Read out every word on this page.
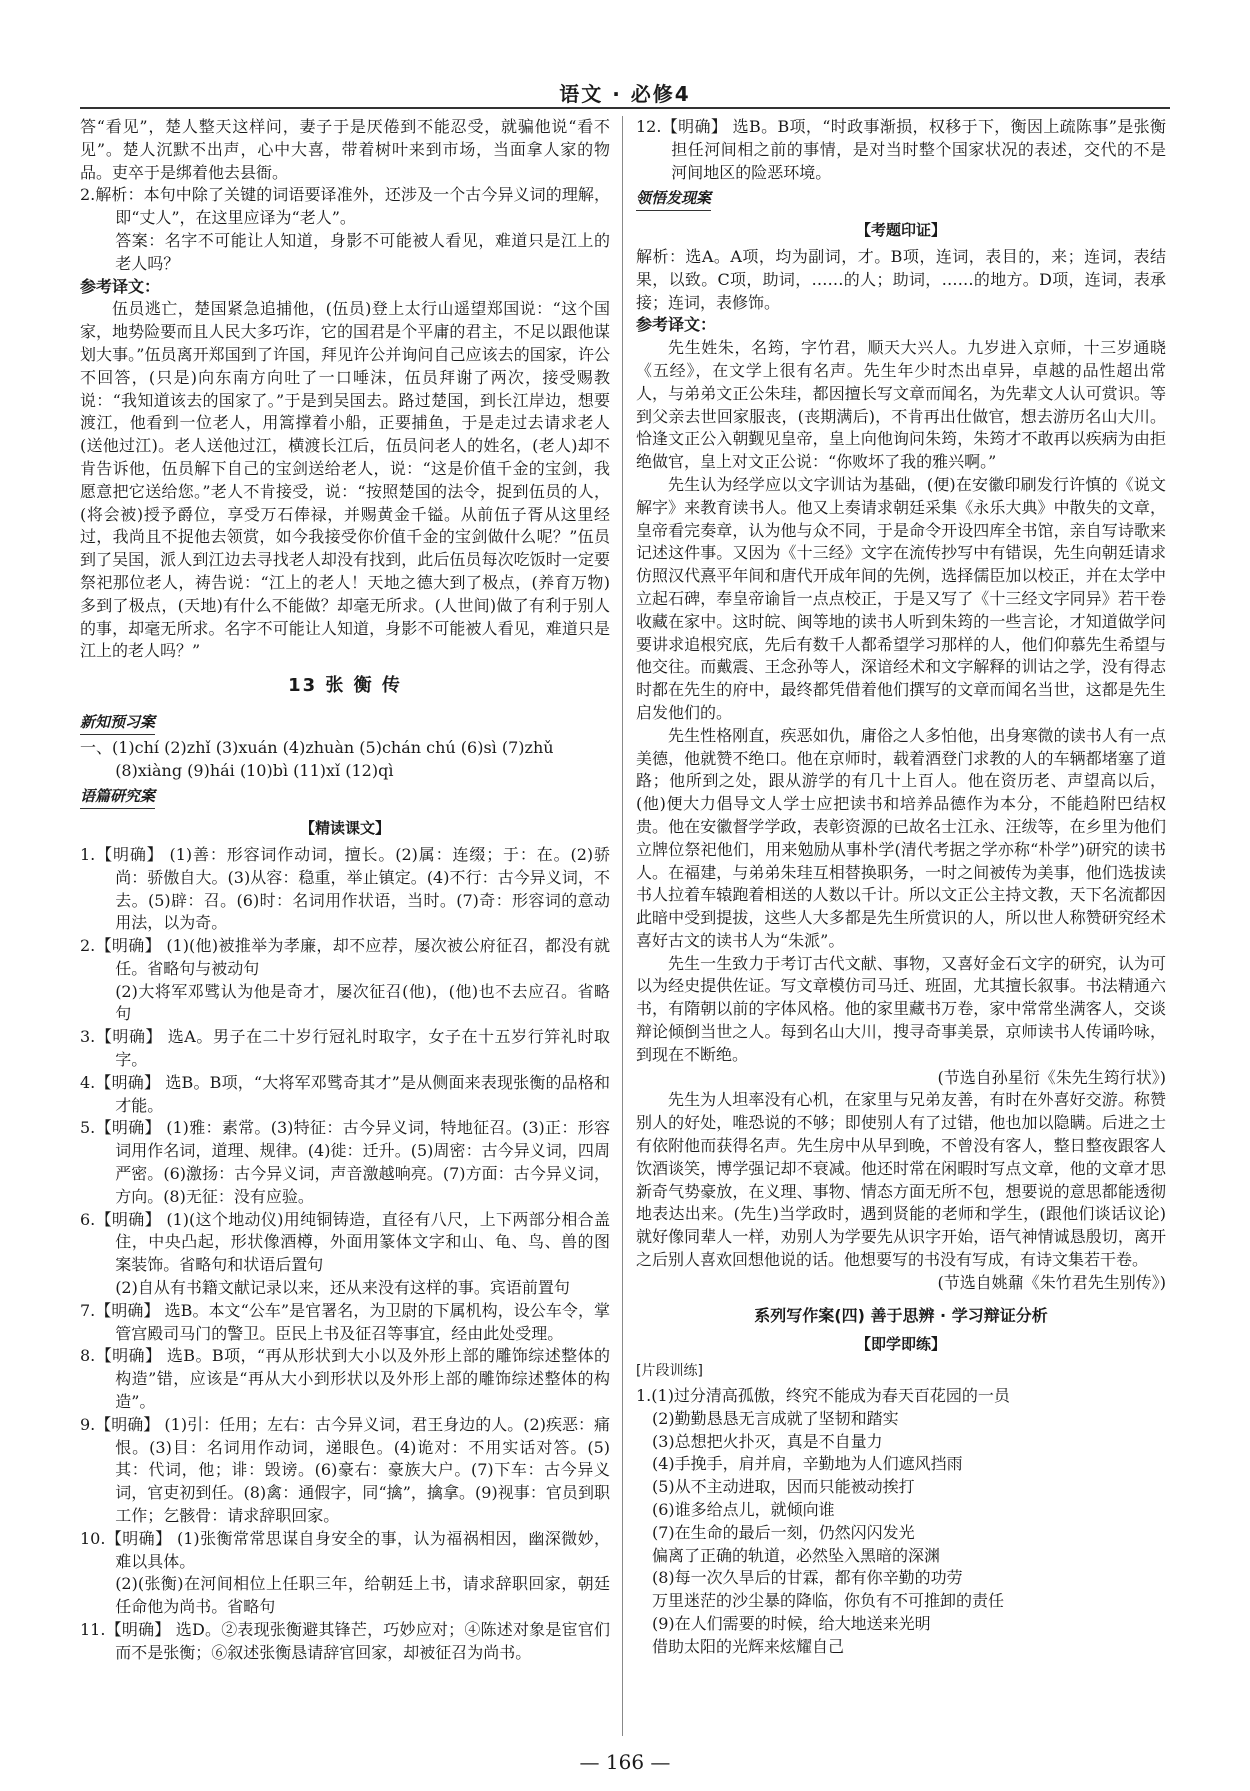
语文 · 必修4

答“看见”，楚人整天这样问，妻子于是厌倦到不能忍受，就骗他说“看不见”。楚人沉默不出声，心中大喜，带着树叶来到市场，当面拿人家的物品。吏卒于是绑着他去县衙。

2.解析：本句中除了关键的词语要译准外，还涉及一个古今异义词的理解，即“丈人”，在这里应译为“老人”。

答案：名字不可能让人知道，身影不可能被人看见，难道只是江上的老人吗？

参考译文：

伍员逃亡，楚国紧急追捕他，(伍员)登上太行山遥望郑国说：“这个国家，地势险要而且人民大多巧诈，它的国君是个平庸的君主，不足以跟他谋划大事。”伍员离开郑国到了许国，拜见许公并询问自己应该去的国家，许公不回答，(只是)向东南方向吐了一口唾沫，伍员拜谢了两次，接受赐教说：“我知道该去的国家了。”于是到吴国去。路过楚国，到长江岸边，想要渡江，他看到一位老人，用篙撑着小船，正要捕鱼，于是走过去请求老人(送他过江)。老人送他过江，横渡长江后，伍员问老人的姓名，(老人)却不肯告诉他，伍员解下自己的宝剑送给老人，说：“这是价值千金的宝剑，我愿意把它送给您。”老人不肯接受，说：“按照楚国的法令，捉到伍员的人，(将会被)授予爵位，享受万石俸禄，并赐黄金千镒。从前伍子胥从这里经过，我尚且不捉他去领赏，如今我接受你价值千金的宝剑做什么呢？”伍员到了吴国，派人到江边去寻找老人却没有找到，此后伍员每次吃饭时一定要祭祀那位老人，祷告说：“江上的老人！天地之德大到了极点，(养育万物)多到了极点，(天地)有什么不能做？却毫无所求。(人世间)做了有利于别人的事，却毫无所求。名字不可能让人知道，身影不可能被人看见，难道只是江上的老人吗？”

13 张 衡 传
新知预习案

一、(1)chí (2)zhǐ (3)xuán (4)zhuàn (5)chán chú (6)sì (7)zhǔ

(8)xiàng (9)hái (10)bì (11)xǐ (12)qì

语篇研究案
【精读课文】

1.【明确】 (1)善：形容词作动词，擅长。(2)属：连缀；于：在。(2)骄尚：骄傲自大。(3)从容：稳重，举止镇定。(4)不行：古今异义词，不去。(5)辟：召。(6)时：名词用作状语，当时。(7)奇：形容词的意动用法，以为奇。

2.【明确】 (1)(他)被推举为孝廉，却不应荐，屡次被公府征召，都没有就任。省略句与被动句

(2)大将军邓骘认为他是奇才，屡次征召(他)，(他)也不去应召。省略句

3.【明确】 选A。男子在二十岁行冠礼时取字，女子在十五岁行笄礼时取字。

4.【明确】 选B。B项，“大将军邓骘奇其才”是从侧面来表现张衡的品格和才能。

5.【明确】 (1)雅：素常。(3)特征：古今异义词，特地征召。(3)正：形容词用作名词，道理、规律。(4)徙：迁升。(5)周密：古今异义词，四周严密。(6)激扬：古今异义词，声音激越响亮。(7)方面：古今异义词，方向。(8)无征：没有应验。

6.【明确】 (1)(这个地动仪)用纯铜铸造，直径有八尺，上下两部分相合盖住，中央凸起，形状像酒樽，外面用篆体文字和山、龟、鸟、兽的图案装饰。省略句和状语后置句

(2)自从有书籍文献记录以来，还从来没有这样的事。宾语前置句

7.【明确】 选B。本文“公车”是官署名，为卫尉的下属机构，设公车令，掌管宫殿司马门的警卫。臣民上书及征召等事宜，经由此处受理。

8.【明确】 选B。B项，“再从形状到大小以及外形上部的雕饰综述整体的构造”错，应该是“再从大小到形状以及外形上部的雕饰综述整体的构造”。

9.【明确】 (1)引：任用；左右：古今异义词，君王身边的人。(2)疾恶：痛恨。(3)目：名词用作动词，递眼色。(4)诡对：不用实话对答。(5)其：代词，他；诽：毁谤。(6)豪右：豪族大户。(7)下车：古今异义词，官吏初到任。(8)禽：通假字，同“擒”，擒拿。(9)视事：官员到职工作；乞骸骨：请求辞职回家。

10.【明确】 (1)张衡常常思谋自身安全的事，认为福祸相因，幽深微妙，难以具体。

(2)(张衡)在河间相位上任职三年，给朝廷上书，请求辞职回家，朝廷任命他为尚书。省略句

11.【明确】 选D。②表现张衡避其锋芒，巧妙应对；④陈述对象是宦官们而不是张衡；⑥叙述张衡恳请辞官回家，却被征召为尚书。

12.【明确】 选B。B项，“时政事渐损，权移于下，衡因上疏陈事”是张衡担任河间相之前的事情，是对当时整个国家状况的表述，交代的不是河间地区的险恶环境。

领悟发现案
【考题印证】

解析：选A。A项，均为副词，才。B项，连词，表目的，来；连词，表结果，以致。C项，助词，……的人；助词，……的地方。D项，连词，表承接；连词，表修饰。

参考译文：

先生姓朱，名筠，字竹君，顺天大兴人。九岁进入京师，十三岁通晓《五经》，在文学上很有名声。先生年少时杰出卓异，卓越的品性超出常人，与弟弟文正公朱珪，都因擅长写文章而闻名，为先辈文人认可赏识。等到父亲去世回家服丧，(丧期满后)，不肯再出仕做官，想去游历名山大川。恰逢文正公入朝觐见皇帝，皇上向他询问朱筠，朱筠才不敢再以疾病为由拒绝做官，皇上对文正公说：“你败坏了我的雅兴啊。”

先生认为经学应以文字训诂为基础，(便)在安徽印刷发行许慎的《说文解字》来教育读书人。他又上奏请求朝廷采集《永乐大典》中散失的文章，皇帝看完奏章，认为他与众不同，于是命令开设四库全书馆，亲自写诗歌来记述这件事。又因为《十三经》文字在流传抄写中有错误，先生向朝廷请求仿照汉代熹平年间和唐代开成年间的先例，选择儒臣加以校正，并在太学中立起石碑，奉皇帝谕旨一点点校正，于是又写了《十三经文字同异》若干卷收藏在家中。这时皖、闽等地的读书人听到朱筠的一些言论，才知道做学问要讲求追根究底，先后有数千人都希望学习那样的人，他们仰慕先生希望与他交往。而戴震、王念孙等人，深谙经术和文字解释的训诂之学，没有得志时都在先生的府中，最终都凭借着他们撰写的文章而闻名当世，这都是先生启发他们的。

先生性格刚直，疾恶如仇，庸俗之人多怕他，出身寒微的读书人有一点美德，他就赞不绝口。他在京师时，载着酒登门求教的人的车辆都堵塞了道路；他所到之处，跟从游学的有几十上百人。他在资历老、声望高以后，(他)便大力倡导文人学士应把读书和培养品德作为本分，不能趋附巴结权贵。他在安徽督学学政，表彰资源的已故名士江永、汪绂等，在乡里为他们立牌位祭祀他们，用来勉励从事朴学(清代考据之学亦称“朴学”)研究的读书人。在福建，与弟弟朱珪互相替换职务，一时之间被传为美事，他们选拔读书人拉着车辕跑着相送的人数以千计。所以文正公主持文教，天下名流都因此暗中受到提拔，这些人大多都是先生所赏识的人，所以世人称赞研究经术喜好古文的读书人为“朱派”。

先生一生致力于考订古代文献、事物，又喜好金石文字的研究，认为可以为经史提供佐证。写文章模仿司马迁、班固，尤其擅长叙事。书法精通六书，有隋朝以前的字体风格。他的家里藏书万卷，家中常常坐满客人，交谈辩论倾倒当世之人。每到名山大川，搜寻奇事美景，京师读书人传诵吟咏，到现在不断绝。

(节选自孙星衍《朱先生筠行状》)

先生为人坦率没有心机，在家里与兄弟友善，有时在外喜好交游。称赞别人的好处，唯恐说的不够；即使别人有了过错，他也加以隐瞒。后进之士有依附他而获得名声。先生房中从早到晚，不曾没有客人，整日整夜跟客人饮酒谈笑，博学强记却不衰减。他还时常在闲暇时写点文章，他的文章才思新奇气势豪放，在义理、事物、情态方面无所不包，想要说的意思都能透彻地表达出来。(先生)当学政时，遇到贤能的老师和学生，(跟他们谈话议论)就好像同辈人一样，劝别人为学要先从识字开始，语气神情诚恳殷切，离开之后别人喜欢回想他说的话。他想要写的书没有写成，有诗文集若干卷。

(节选自姚鼐《朱竹君先生别传》)

系列写作案(四) 善于思辨 · 学习辩证分析
【即学即练】
[片段训练]

1.(1)过分清高孤傲，终究不能成为春天百花园的一员

(2)勤勤恳恳无言成就了坚韧和踏实

(3)总想把火扑灭，真是不自量力

(4)手挽手，肩并肩，辛勤地为人们遮风挡雨

(5)从不主动进取，因而只能被动挨打

(6)谁多给点儿，就倾向谁

(7)在生命的最后一刻，仍然闪闪发光

偏离了正确的轨道，必然坠入黑暗的深渊

(8)每一次久旱后的甘霖，都有你辛勤的功劳

万里迷茫的沙尘暴的降临，你负有不可推卸的责任

(9)在人们需要的时候，给大地送来光明

借助太阳的光辉来炫耀自己

— 166 —
